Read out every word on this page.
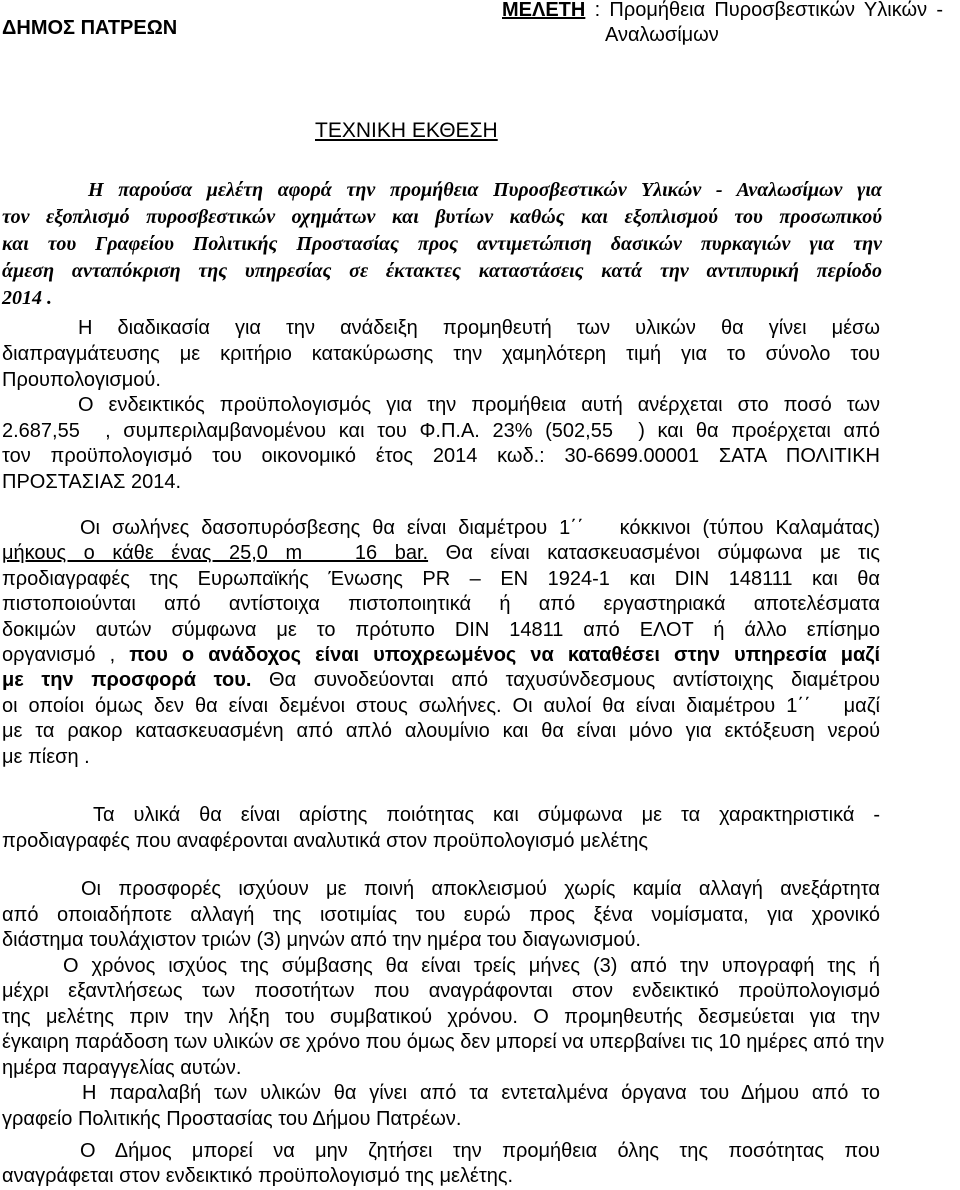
ΔΗΜΟΣ ΠΑΤΡΕΩΝ
ΜΕΛΕΤΗ : Προμήθεια Πυροσβεστικών Υλικών -
Αναλωσίμων
ΤΕΧΝΙΚΗ ΕΚΘΕΣΗ
Η παρούσα μελέτη αφορά την προμήθεια Πυροσβεστικών Υλικών - Αναλωσίμων για
τον εξοπλισμό πυροσβεστικών οχημάτων και βυτίων καθώς και εξοπλισμού του προσωπικού
και του Γραφείου Πολιτικής Προστασίας προς αντιμετώπιση δασικών πυρκαγιών για την
άμεση ανταπόκριση της υπηρεσίας σε έκτακτες καταστάσεις κατά την αντιπυρική περίοδο
2014 .
Η διαδικασία για την ανάδειξη προμηθευτή των υλικών θα γίνει μέσω
διαπραγμάτευσης με κριτήριο κατακύρωσης την χαμηλότερη τιμή για το σύνολο του
Προυπολογισμού.
Ο ενδεικτικός προϋπολογισμός για την προμήθεια αυτή ανέρχεται στο ποσό των
2.687,55  , συμπεριλαμβανομένου και του Φ.Π.Α. 23% (502,55  ) και θα προέρχεται από
τον προϋπολογισμό του οικονομικό έτος 2014 κωδ.: 30-6699.00001 ΣΑΤΑ ΠΟΛΙΤΙΚΗ
ΠΡΟΣΤΑΣΙΑΣ 2014.
Οι σωλήνες δασοπυρόσβεσης θα είναι διαμέτρου 1΄΄   κόκκινοι (τύπου Καλαμάτας)
μήκους ο κάθε ένας 25,0 m   16 bar. Θα είναι κατασκευασμένοι σύμφωνα με τις
προδιαγραφές της Ευρωπαϊκής Ένωσης PR – EN 1924-1 και DIN 148111 και θα
πιστοποιούνται από αντίστοιχα πιστοποιητικά ή από εργαστηριακά αποτελέσματα
δοκιμών αυτών σύμφωνα με το πρότυπο DIN 14811 από ΕΛΟΤ ή άλλο επίσημο
οργανισμό , που ο ανάδοχος είναι υποχρεωμένος να καταθέσει στην υπηρεσία μαζί
με την προσφορά του. Θα συνοδεύονται από ταχυσύνδεσμους αντίστοιχης διαμέτρου
οι οποίοι όμως δεν θα είναι δεμένοι στους σωλήνες. Οι αυλοί θα είναι διαμέτρου 1΄΄   μαζί
με τα ρακορ κατασκευασμένη από απλό αλουμίνιο και θα είναι μόνο για εκτόξευση νερού
με πίεση .
Τα υλικά θα είναι αρίστης ποιότητας και σύμφωνα με τα χαρακτηριστικά -
προδιαγραφές που αναφέρονται αναλυτικά στον προϋπολογισμό μελέτης
Οι προσφορές ισχύουν με ποινή αποκλεισμού χωρίς καμία αλλαγή ανεξάρτητα
από οποιαδήποτε αλλαγή της ισοτιμίας του ευρώ προς ξένα νομίσματα, για χρονικό
διάστημα τουλάχιστον τριών (3) μηνών από την ημέρα του διαγωνισμού.
Ο χρόνος ισχύος της σύμβασης θα είναι τρείς μήνες (3) από την υπογραφή της ή
μέχρι εξαντλήσεως των ποσοτήτων που αναγράφονται στον ενδεικτικό προϋπολογισμό
της μελέτης πριν την λήξη του συμβατικού χρόνου. Ο προμηθευτής δεσμεύεται για την
έγκαιρη παράδοση των υλικών σε χρόνο που όμως δεν μπορεί να υπερβαίνει τις 10 ημέρες από την
ημέρα παραγγελίας αυτών.
Η παραλαβή των υλικών θα γίνει από τα εντεταλμένα όργανα του Δήμου από το
γραφείο Πολιτικής Προστασίας του Δήμου Πατρέων.
Ο Δήμος μπορεί να μην ζητήσει την προμήθεια όλης της ποσότητας που
αναγράφεται στον ενδεικτικό προϋπολογισμό της μελέτης.
